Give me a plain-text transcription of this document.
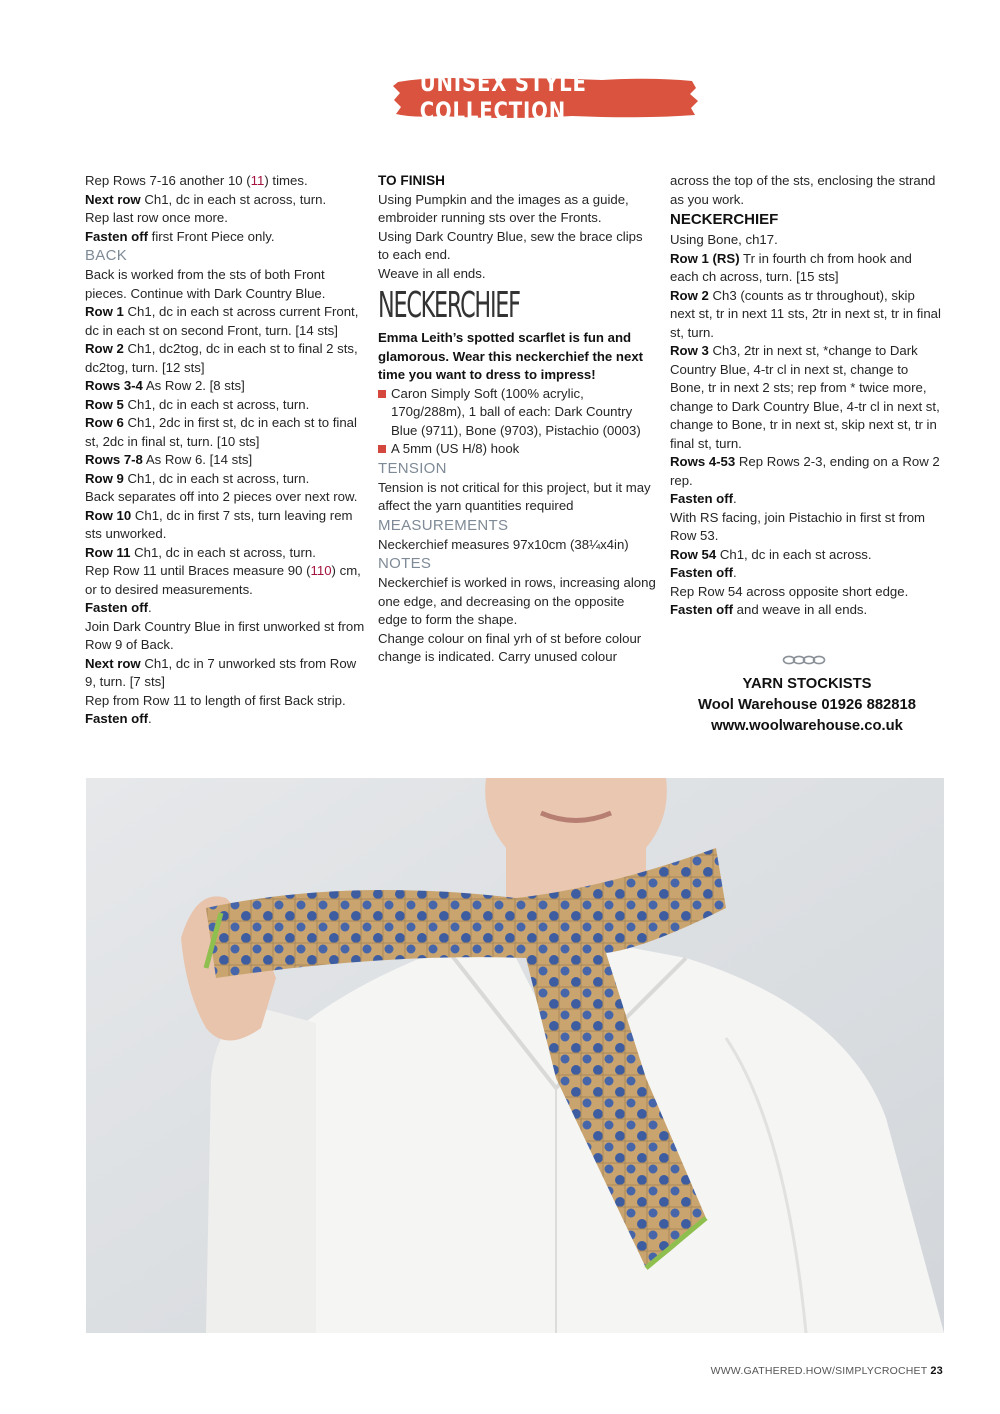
UNISEX STYLE COLLECTION

Rep Rows 7-16 another 10 (11) times.

Next row Ch1, dc in each st across, turn.

Rep last row once more.

Fasten off first Front Piece only.

BACK

Back is worked from the sts of both Front pieces. Continue with Dark Country Blue.

Row 1 Ch1, dc in each st across current Front, dc in each st on second Front, turn. [14 sts]

Row 2 Ch1, dc2tog, dc in each st to final 2 sts, dc2tog, turn. [12 sts]

Rows 3-4 As Row 2. [8 sts]

Row 5 Ch1, dc in each st across, turn.

Row 6 Ch1, 2dc in first st, dc in each st to final st, 2dc in final st, turn. [10 sts]

Rows 7-8 As Row 6. [14 sts]

Row 9 Ch1, dc in each st across, turn.

Back separates off into 2 pieces over next row.

Row 10 Ch1, dc in first 7 sts, turn leaving rem sts unworked.

Row 11 Ch1, dc in each st across, turn.

Rep Row 11 until Braces measure 90 (110) cm, or to desired measurements.

Fasten off.

Join Dark Country Blue in first unworked st from Row 9 of Back.

Next row Ch1, dc in 7 unworked sts from Row 9, turn. [7 sts]

Rep from Row 11 to length of first Back strip.

Fasten off.

TO FINISH

Using Pumpkin and the images as a guide, embroider running sts over the Fronts.

Using Dark Country Blue, sew the brace clips to each end.

Weave in all ends.

NECKERCHIEF

Emma Leith’s spotted scarflet is fun and glamorous. Wear this neckerchief the next time you want to dress to impress!

Caron Simply Soft (100% acrylic, 170g/288m), 1 ball of each: Dark Country Blue (9711), Bone (9703), Pistachio (0003)

A 5mm (US H/8) hook

TENSION

Tension is not critical for this project, but it may affect the yarn quantities required

MEASUREMENTS

Neckerchief measures 97x10cm (38¼x4in)

NOTES

Neckerchief is worked in rows, increasing along one edge, and decreasing on the opposite edge to form the shape.

Change colour on final yrh of st before colour change is indicated. Carry unused colour

across the top of the sts, enclosing the strand as you work.

NECKERCHIEF

Using Bone, ch17.

Row 1 (RS) Tr in fourth ch from hook and each ch across, turn. [15 sts]

Row 2 Ch3 (counts as tr throughout), skip next st, tr in next 11 sts, 2tr in next st, tr in final st, turn.

Row 3 Ch3, 2tr in next st, *change to Dark Country Blue, 4-tr cl in next st, change to Bone, tr in next 2 sts; rep from * twice more, change to Dark Country Blue, 4-tr cl in next st, change to Bone, tr in next st, skip next st, tr in final st, turn.

Rows 4-53 Rep Rows 2-3, ending on a Row 2 rep.

Fasten off.

With RS facing, join Pistachio in first st from Row 53.

Row 54 Ch1, dc in each st across.

Fasten off.

Rep Row 54 across opposite short edge.

Fasten off and weave in all ends.

YARN STOCKISTS

Wool Warehouse 01926 882818

www.woolwarehouse.co.uk

WWW.GATHERED.HOW/SIMPLYCROCHET 23
